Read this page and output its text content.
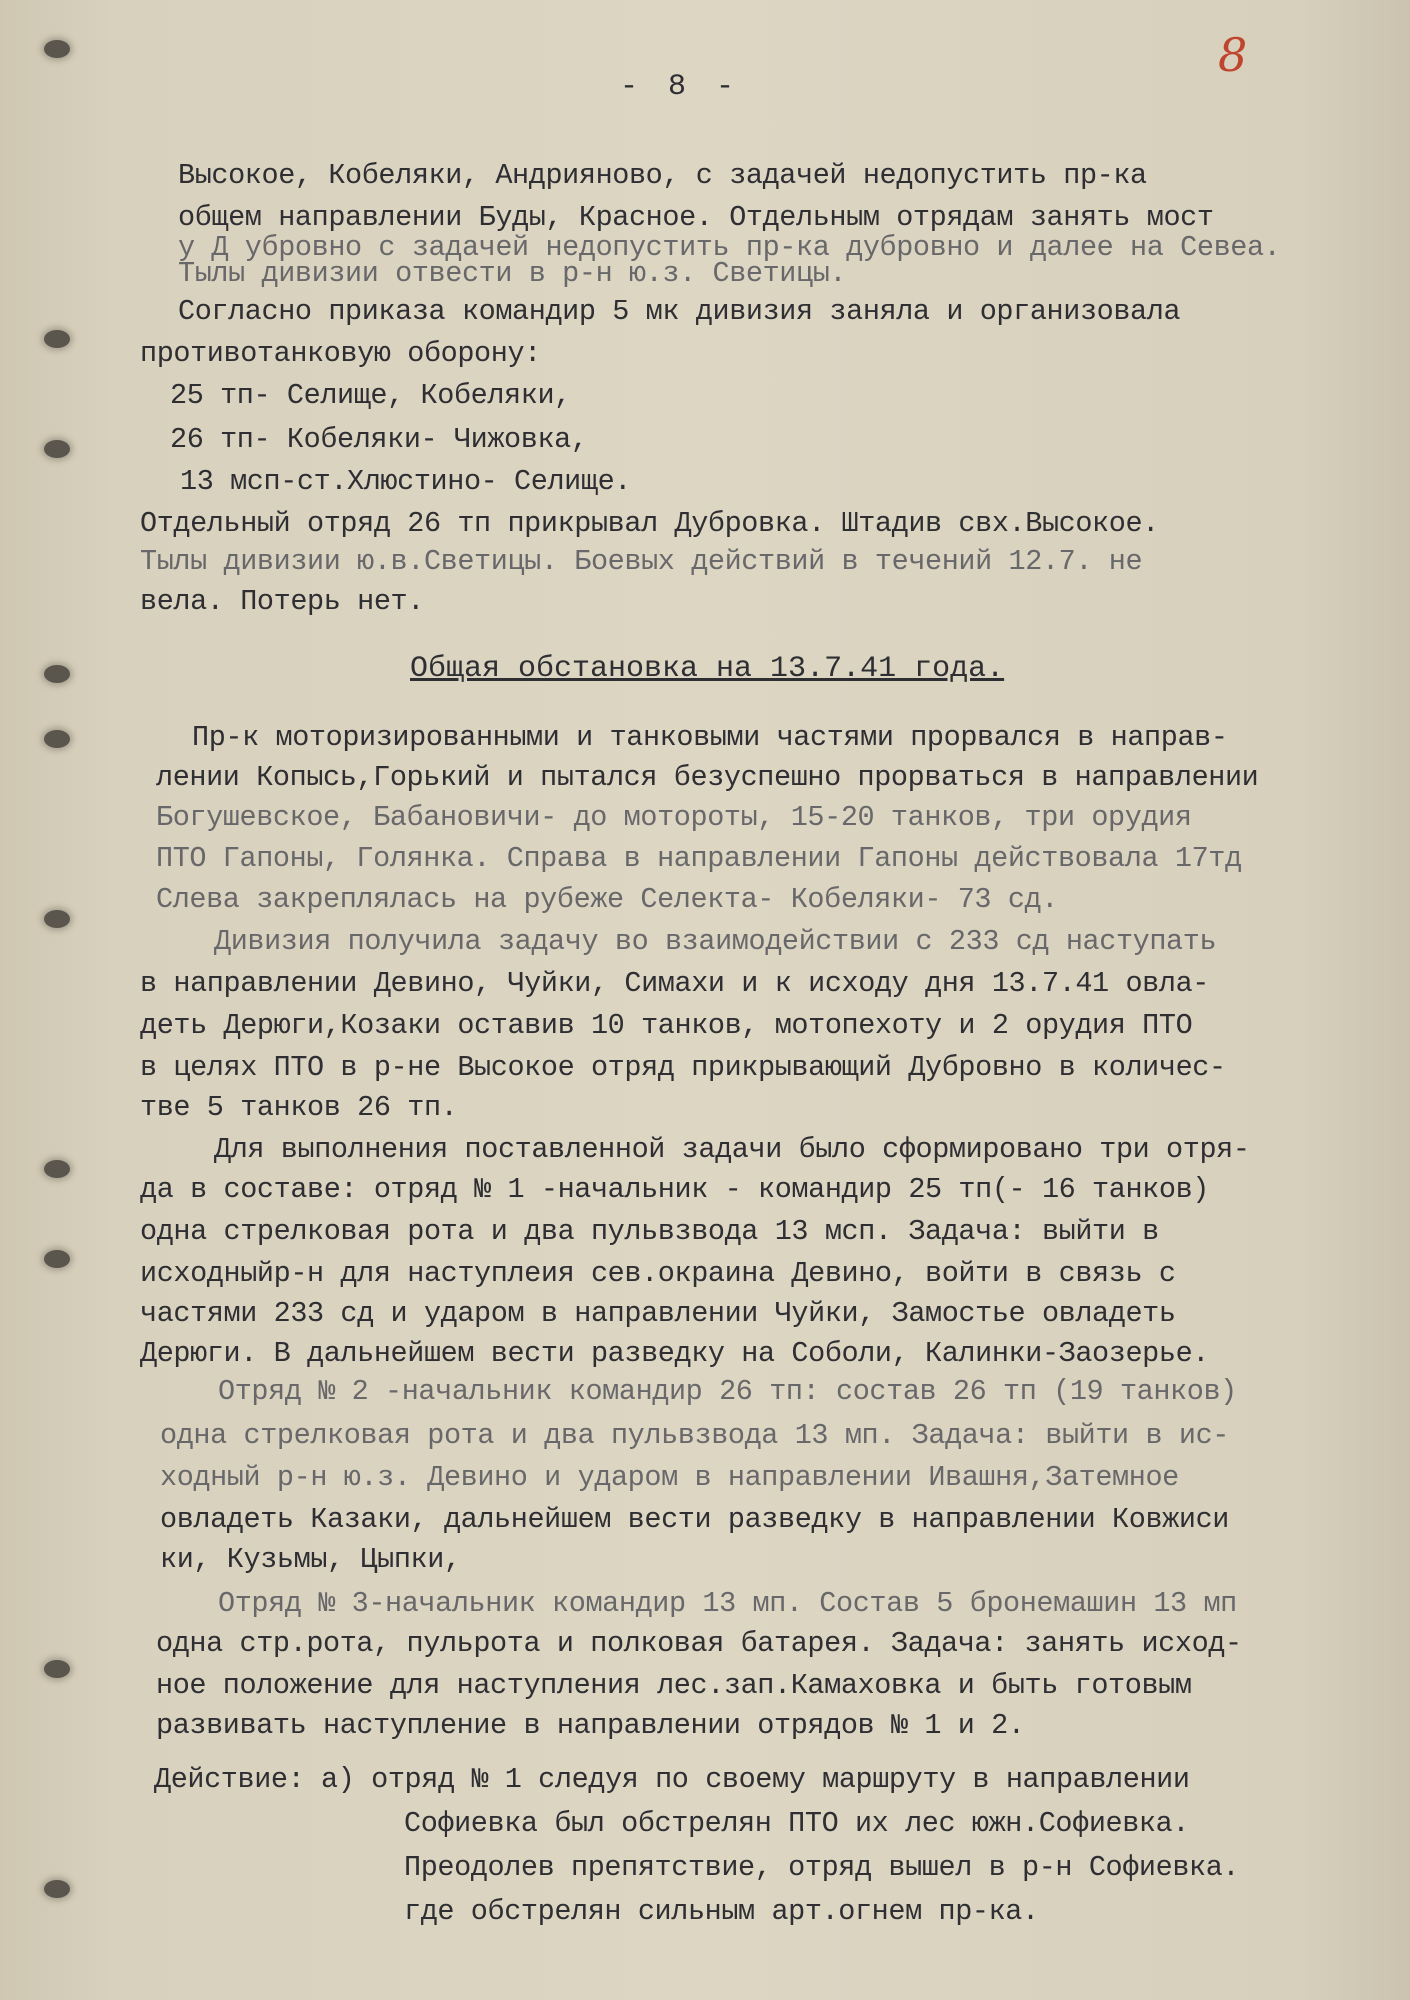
8
- 8 -
Высокое, Кобеляки, Андрияново, с задачей недопустить пр-ка
общем направлении Буды, Красное. Отдельным отрядам занять мост
у Д убровно с задачей недопустить пр-ка дубровно и далее на Севеа.
Тылы дивизии отвести в р-н ю.з. Светицы.
Согласно приказа командир 5 мк дивизия заняла и организовала
противотанковую оборону:
25 тп- Селище, Кобеляки,
26 тп- Кобеляки- Чижовка,
13 мсп-ст.Хлюстино- Селище.
Отдельный отряд 26 тп прикрывал Дубровка. Штадив свх.Высокое.
Тылы дивизии ю.в.Светицы. Боевых действий в течений 12.7. не
вела. Потерь нет.
Общая обстановка на 13.7.41 года.
Пр-к моторизированными и танковыми частями прорвался в направ-
лении Копысь,Горький и пытался безуспешно прорваться в направлении
Богушевское, Бабановичи- до мотороты, 15-20 танков, три орудия
ПТО Гапоны, Голянка. Справа в направлении Гапоны действовала 17тд
Слева закреплялась на рубеже Селекта- Кобеляки- 73 сд.
Дивизия получила задачу во взаимодействии с 233 сд наступать
в направлении Девино, Чуйки, Симахи и к исходу дня 13.7.41 овла-
деть Дерюги,Козаки оставив 10 танков, мотопехоту и 2 орудия ПТО
в целях ПТО в р-не Высокое отряд прикрывающий Дубровно в количес-
тве 5 танков 26 тп.
Для выполнения поставленной задачи было сформировано три отря-
да в составе: отряд № 1 -начальник - командир 25 тп(- 16 танков)
одна стрелковая рота и два пульвзвода 13 мсп. Задача: выйти в
исходныйр-н для наступлеия сев.окраина Девино, войти в связь с
частями 233 сд и ударом в направлении Чуйки, Замостье овладеть
Дерюги. В дальнейшем вести разведку на Соболи, Калинки-Заозерье.
Отряд № 2 -начальник командир 26 тп: состав 26 тп (19 танков)
одна стрелковая рота и два пульвзвода 13 мп. Задача: выйти в ис-
ходный р-н ю.з. Девино и ударом в направлении Ивашня,Затемное
овладеть Казаки, дальнейшем вести разведку в направлении Ковжиси
ки, Кузьмы, Цыпки,
Отряд № 3-начальник командир 13 мп. Состав 5 бронемашин 13 мп
одна стр.рота, пульрота и полковая батарея. Задача: занять исход-
ное положение для наступления лес.зап.Камаховка и быть готовым
развивать наступление в направлении отрядов № 1 и 2.
Действие: а) отряд № 1 следуя по своему маршруту в направлении
Софиевка был обстрелян ПТО их лес южн.Софиевка.
Преодолев препятствие, отряд вышел в р-н Софиевка.
где обстрелян сильным арт.огнем пр-ка.
